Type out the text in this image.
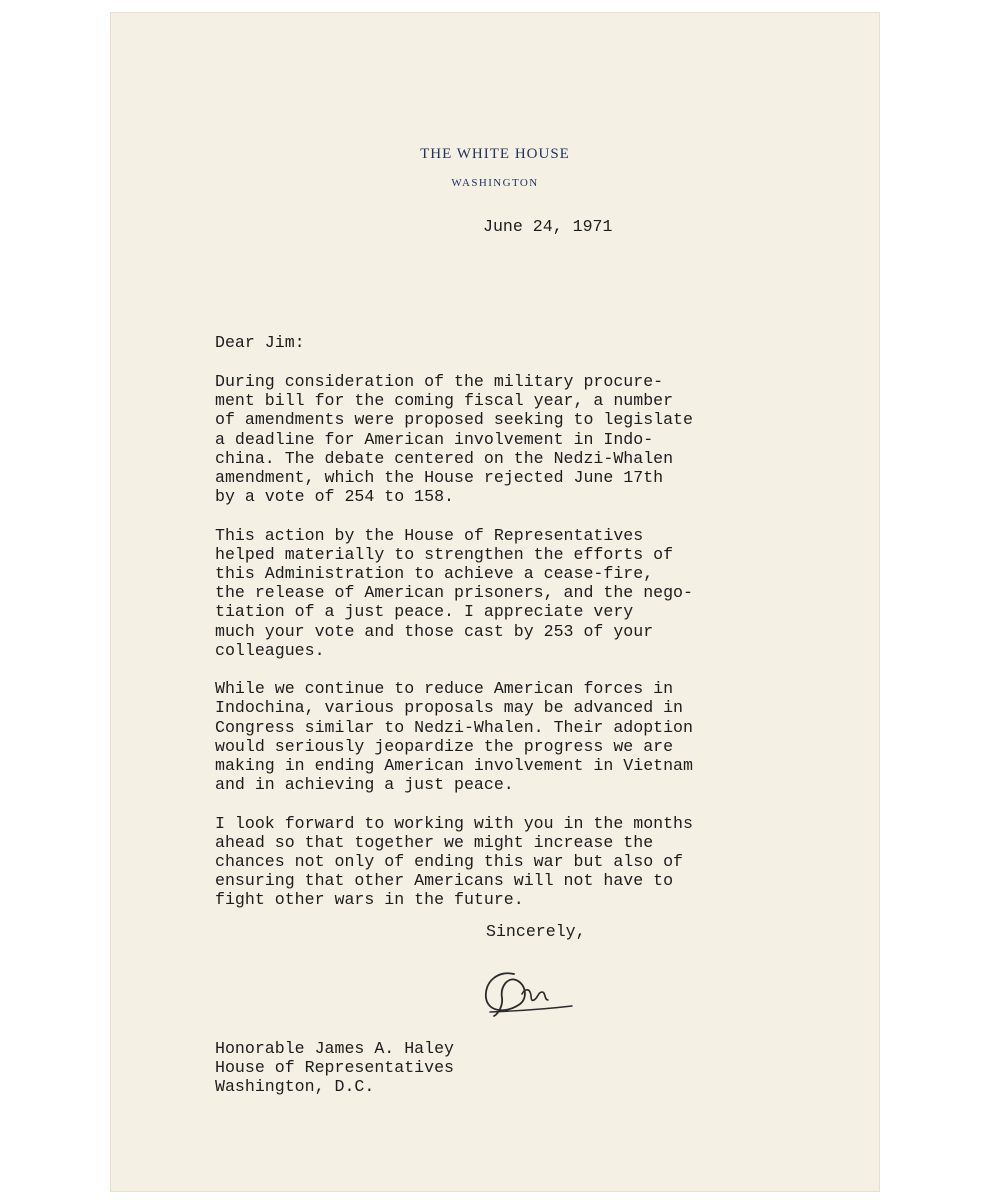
THE WHITE HOUSE
WASHINGTON
June 24, 1971
Dear Jim:

During consideration of the military procure-
ment bill for the coming fiscal year, a number
of amendments were proposed seeking to legislate
a deadline for American involvement in Indo-
china. The debate centered on the Nedzi-Whalen
amendment, which the House rejected June 17th
by a vote of 254 to 158.

This action by the House of Representatives
helped materially to strengthen the efforts of
this Administration to achieve a cease-fire,
the release of American prisoners, and the nego-
tiation of a just peace. I appreciate very
much your vote and those cast by 253 of your
colleagues.

While we continue to reduce American forces in
Indochina, various proposals may be advanced in
Congress similar to Nedzi-Whalen. Their adoption
would seriously jeopardize the progress we are
making in ending American involvement in Vietnam
and in achieving a just peace.

I look forward to working with you in the months
ahead so that together we might increase the
chances not only of ending this war but also of
ensuring that other Americans will not have to
fight other wars in the future.

Sincerely,
Honorable James A. Haley
House of Representatives
Washington, D.C.
